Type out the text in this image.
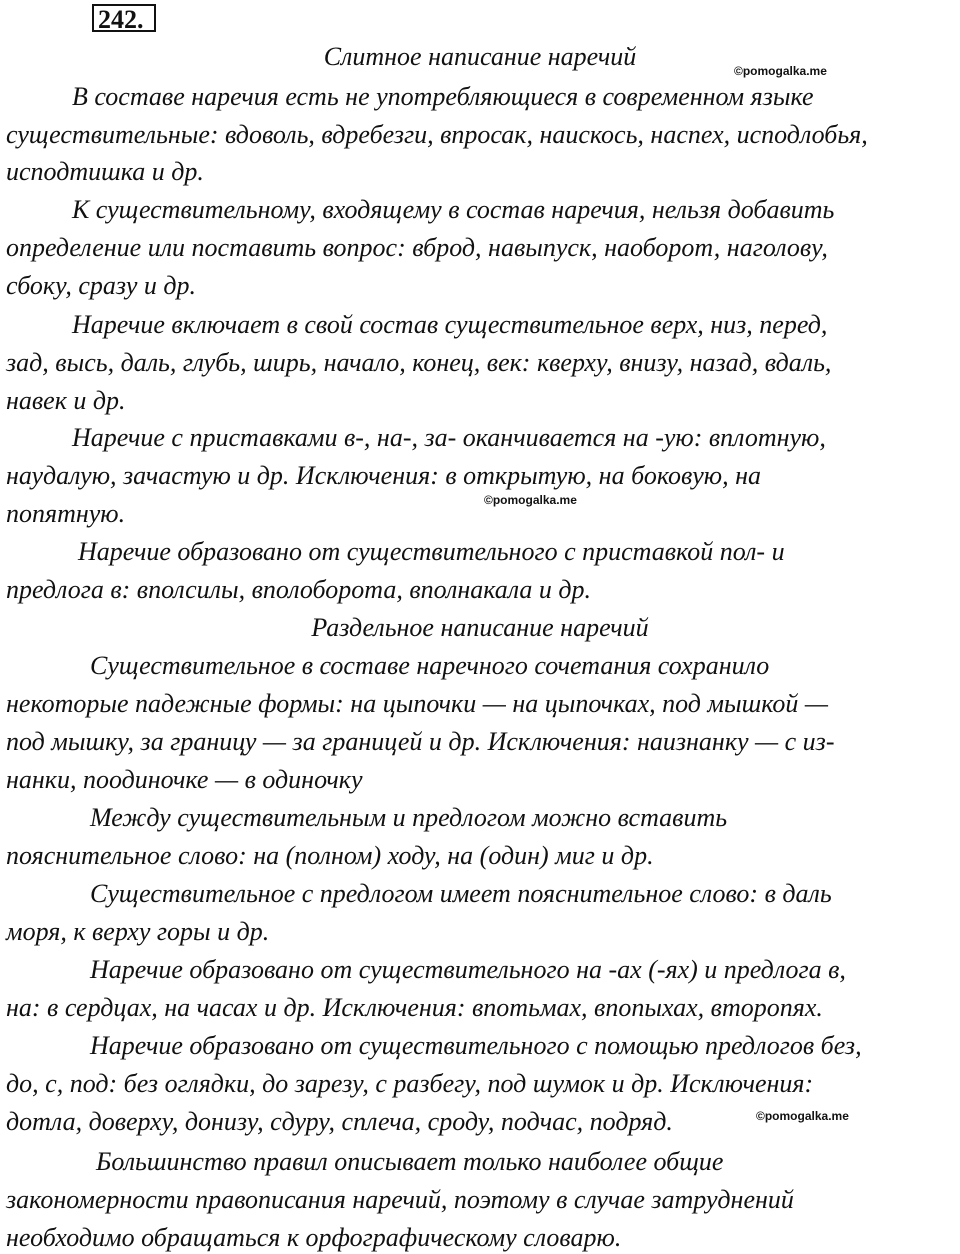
242.
Слитное написание наречий	©pomogalka.me
В составе наречия есть не употребляющиеся в современном языке
существительные: вдоволь, вдребезги, впросак, наискось, наспех, исподлобья,
исподтишка и др.
К существительному, входящему в состав наречия, нельзя добавить
определение или поставить вопрос: вброд, навыпуск, наоборот, наголову,
сбоку, сразу и др.
Наречие включает в свой состав существительное верх, низ, перед,
зад, высь, даль, глубь, ширь, начало, конец, век: кверху, внизу, назад, вдаль,
навек и др.
Наречие с приставками в-, на-, за- оканчивается на -ую: вплотную,
наудалую, зачастую и др. Исключения: в открытую, на боковую, на
©pomogalka.me
попятную.
Наречие образовано от существительного с приставкой пол- и
предлога в: вполсилы, вполоборота, вполнакала и др.
Раздельное написание наречий
Существительное в составе наречного сочетания сохранило
некоторые падежные формы: на цыпочки — на цыпочках, под мышкой —
под мышку, за границу — за границей и др. Исключения: наизнанку — с из-
нанки, поодиночке — в одиночку
Между существительным и предлогом можно вставить
пояснительное слово: на (полном) ходу, на (один) миг и др.
Существительное с предлогом имеет пояснительное слово: в даль
моря, к верху горы и др.
Наречие образовано от существительного на -ах (-ях) и предлога в,
на: в сердцах, на часах и др. Исключения: впотьмах, впопыхах, второпях.
Наречие образовано от существительного с помощью предлогов без,
до, с, под: без оглядки, до зарезу, с разбегу, под шумок и др. Исключения:
дотла, доверху, донизу, сдуру, сплеча, сроду, подчас, подряд.	©pomogalka.me
Большинство правил описывает только наиболее общие
закономерности правописания наречий, поэтому в случае затруднений
необходимо обращаться к орфографическому словарю.
